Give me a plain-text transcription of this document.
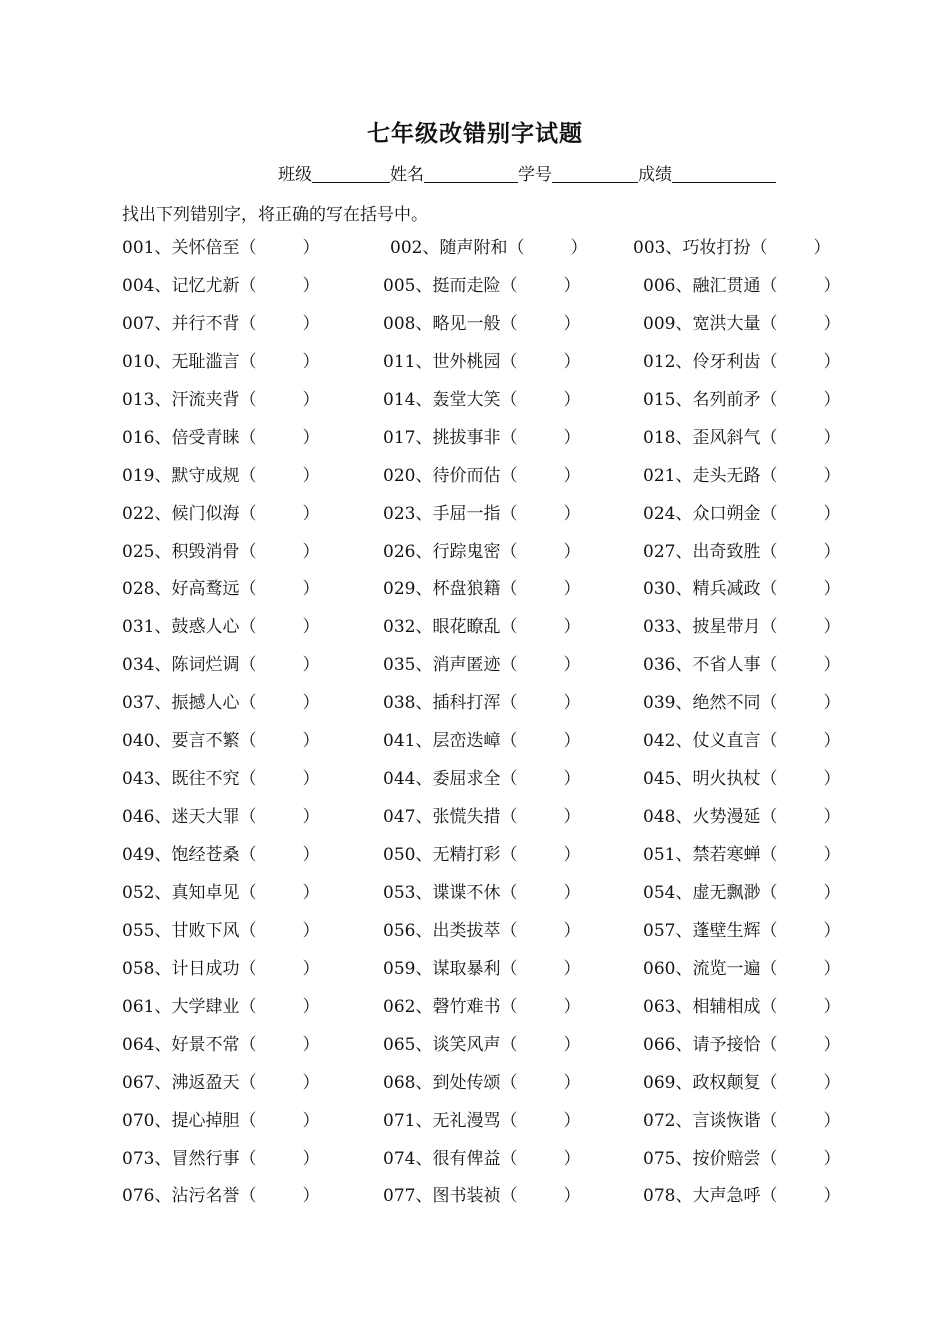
七年级改错别字试题
班级	姓名	学号	成绩

找出下列错别字，将正确的写在括号中。

001、关怀倍至（	）	002、随声附和（	）	003、巧妆打扮（	）
004、记忆尤新（	）	005、挺而走险（	）	006、融汇贯通（	）
007、并行不背（	）	008、略见一般（	）	009、宽洪大量（	）
010、无耻滥言（	）	011、世外桃园（	）	012、伶牙利齿（	）
013、汗流夹背（	）	014、轰堂大笑（	）	015、名列前矛（	）
016、倍受青睐（	）	017、挑拔事非（	）	018、歪风斜气（	）
019、默守成规（	）	020、待价而估（	）	021、走头无路（	）
022、候门似海（	）	023、手屈一指（	）	024、众口朔金（	）
025、积毁消骨（	）	026、行踪鬼密（	）	027、出奇致胜（	）
028、好高鹜远（	）	029、杯盘狼籍（	）	030、精兵减政（	）
031、鼓惑人心（	）	032、眼花瞭乱（	）	033、披星带月（	）
034、陈词烂调（	）	035、消声匿迹（	）	036、不省人事（	）
037、振撼人心（	）	038、插科打浑（	）	039、绝然不同（	）
040、要言不繁（	）	041、层峦迭嶂（	）	042、仗义直言（	）
043、既往不究（	）	044、委屈求全（	）	045、明火执杖（	）
046、迷天大罪（	）	047、张慌失措（	）	048、火势漫延（	）
049、饱经苍桑（	）	050、无精打彩（	）	051、禁若寒蝉（	）
052、真知卓见（	）	053、谍谍不休（	）	054、虚无飘渺（	）
055、甘败下风（	）	056、出类拔萃（	）	057、蓬壁生辉（	）
058、计日成功（	）	059、谋取暴利（	）	060、流览一遍（	）
061、大学肆业（	）	062、磬竹难书（	）	063、相辅相成（	）
064、好景不常（	）	065、谈笑风声（	）	066、请予接恰（	）
067、沸返盈天（	）	068、到处传颂（	）	069、政权颠复（	）
070、提心掉胆（	）	071、无礼漫骂（	）	072、言谈恢谐（	）
073、冒然行事（	）	074、很有俾益（	）	075、按价赔尝（	）
076、沾污名誉（	）	077、图书装祯（	）	078、大声急呼（	）
